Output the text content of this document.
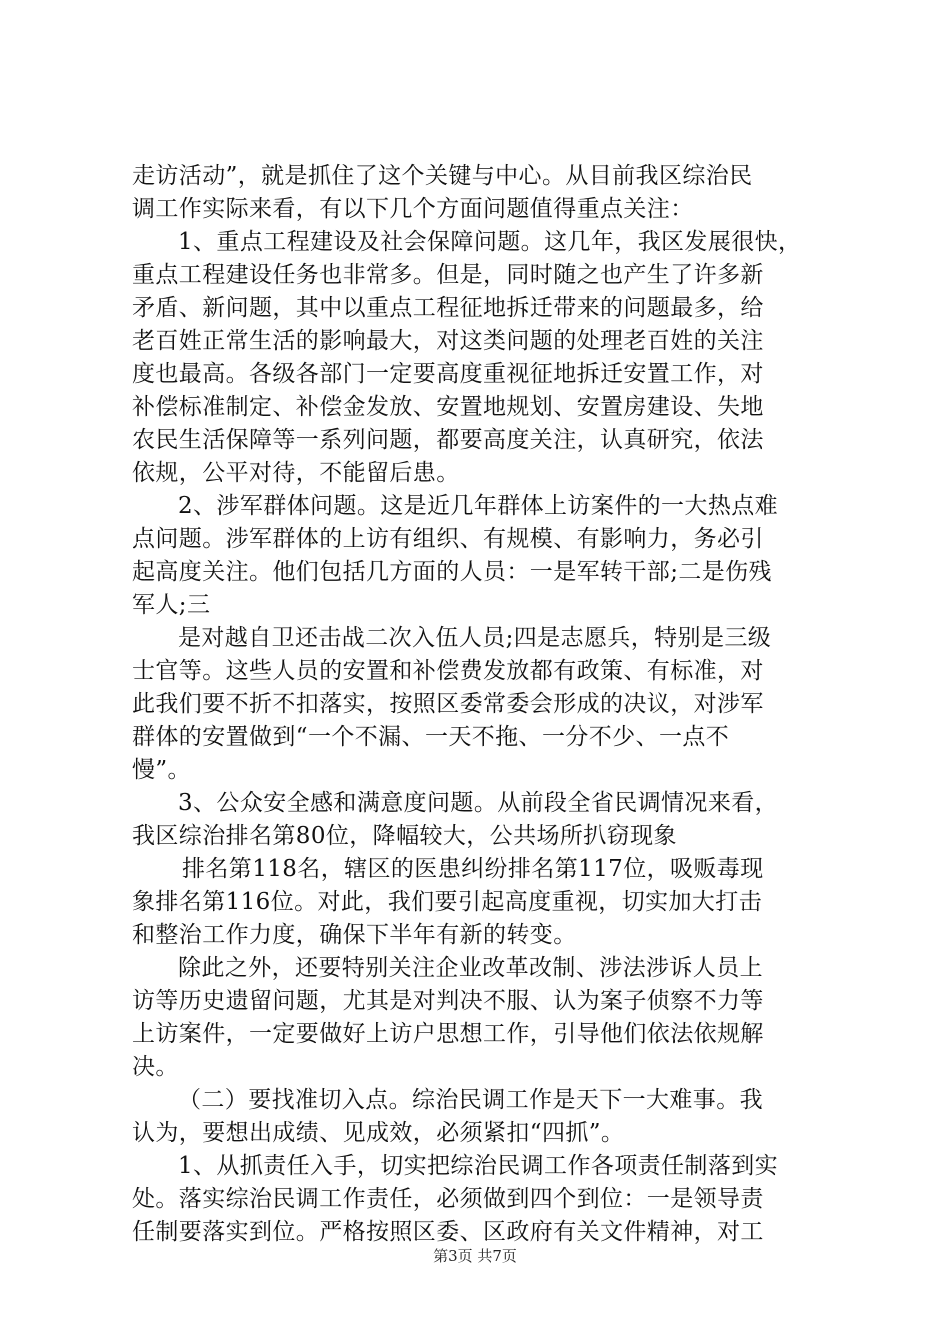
走访活动”，就是抓住了这个关键与中心。从目前我区综治民
调工作实际来看，有以下几个方面问题值得重点关注：
1、重点工程建设及社会保障问题。这几年，我区发展很快，
重点工程建设任务也非常多。但是，同时随之也产生了许多新
矛盾、新问题，其中以重点工程征地拆迁带来的问题最多，给
老百姓正常生活的影响最大，对这类问题的处理老百姓的关注
度也最高。各级各部门一定要高度重视征地拆迁安置工作，对
补偿标准制定、补偿金发放、安置地规划、安置房建设、失地
农民生活保障等一系列问题，都要高度关注，认真研究，依法
依规，公平对待，不能留后患。
2、涉军群体问题。这是近几年群体上访案件的一大热点难
点问题。涉军群体的上访有组织、有规模、有影响力，务必引
起高度关注。他们包括几方面的人员：一是军转干部;二是伤残
军人;三
是对越自卫还击战二次入伍人员;四是志愿兵，特别是三级
士官等。这些人员的安置和补偿费发放都有政策、有标准，对
此我们要不折不扣落实，按照区委常委会形成的决议，对涉军
群体的安置做到“一个不漏、一天不拖、一分不少、一点不
慢”。
3、公众安全感和满意度问题。从前段全省民调情况来看，
我区综治排名第80位，降幅较大，公共场所扒窃现象
排名第118名，辖区的医患纠纷排名第117位，吸贩毒现
象排名第116位。对此，我们要引起高度重视，切实加大打击
和整治工作力度，确保下半年有新的转变。
除此之外，还要特别关注企业改革改制、涉法涉诉人员上
访等历史遗留问题，尤其是对判决不服、认为案子侦察不力等
上访案件，一定要做好上访户思想工作，引导他们依法依规解
决。
（二）要找准切入点。综治民调工作是天下一大难事。我
认为，要想出成绩、见成效，必须紧扣“四抓”。
1、从抓责任入手，切实把综治民调工作各项责任制落到实
处。落实综治民调工作责任，必须做到四个到位：一是领导责
任制要落实到位。严格按照区委、区政府有关文件精神，对工
第3页 共7页
